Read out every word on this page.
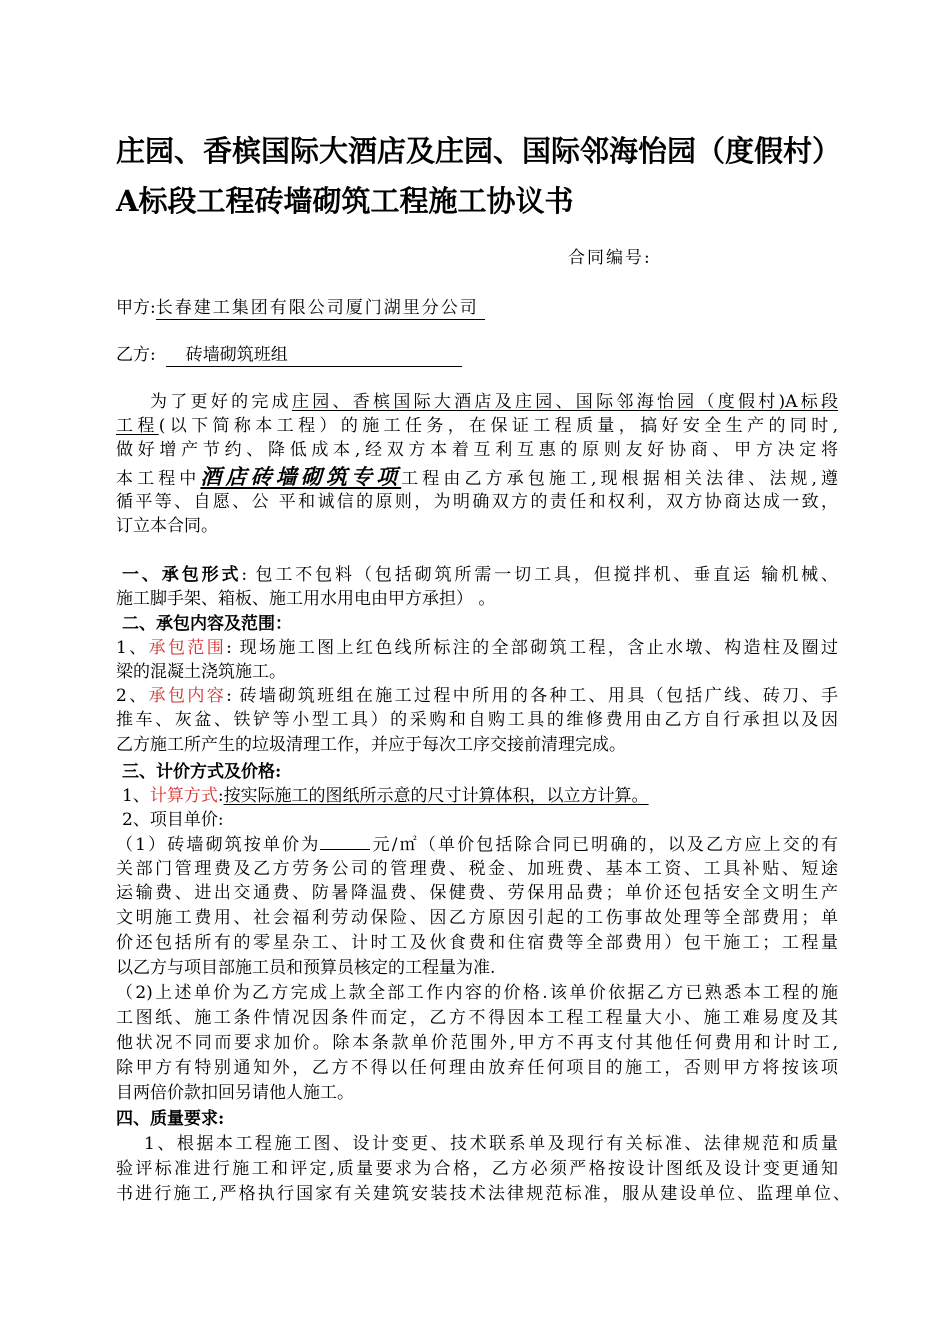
庄园、香槟国际大酒店及庄园、国际邻海怡园（度假村）
A标段工程砖墙砌筑工程施工协议书
合同编号:
甲方:长春建工集团有限公司厦门湖里分公司
乙方: 砖墙砌筑班组
为了更好的完成庄园、香槟国际大酒店及庄园、国际邻海怡园（度假村)A标段
工程(以下简称本工程）的施工任务，在保证工程质量，搞好安全生产的同时,
做好增产节约、降低成本,经双方本着互利互惠的原则友好协商、甲方决定将
本工程中酒店砖墙砌筑专项工程由乙方承包施工,现根据相关法律、法规,遵
循平等、自愿、公 平和诚信的原则，为明确双方的责任和权利，双方协商达成一致，
订立本合同。
一、承包形式: 包工不包料（包括砌筑所需一切工具，但搅拌机、垂直运 输机械、
施工脚手架、箱板、施工用水用电由甲方承担） 。
二、承包内容及范围：
1、承包范围: 现场施工图上红色线所标注的全部砌筑工程，含止水墩、构造柱及圈过
梁的混凝土浇筑施工。
2、承包内容: 砖墙砌筑班组在施工过程中所用的各种工、用具（包括广线、砖刀、手
推车、灰盆、铁铲等小型工具）的采购和自购工具的维修费用由乙方自行承担以及因
乙方施工所产生的垃圾清理工作，并应于每次工序交接前清理完成。
三、计价方式及价格:
1、计算方式:按实际施工的图纸所示意的尺寸计算体积，以立方计算。
2、项目单价:
（1）砖墙砌筑按单价为	元/㎡（单价包括除合同已明确的，以及乙方应上交的有
关部门管理费及乙方劳务公司的管理费、税金、加班费、基本工资、工具补贴、短途
运输费、进出交通费、防暑降温费、保健费、劳保用品费；单价还包括安全文明生产
文明施工费用、社会福利劳动保险、因乙方原因引起的工伤事故处理等全部费用；单
价还包括所有的零星杂工、计时工及伙食费和住宿费等全部费用）包干施工；工程量
以乙方与项目部施工员和预算员核定的工程量为准.
（2)上述单价为乙方完成上款全部工作内容的价格.该单价依据乙方已熟悉本工程的施
工图纸、施工条件情况因条件而定，乙方不得因本工程工程量大小、施工难易度及其
他状况不同而要求加价。除本条款单价范围外,甲方不再支付其他任何费用和计时工,
除甲方有特别通知外，乙方不得以任何理由放弃任何项目的施工，否则甲方将按该项
目两倍价款扣回另请他人施工。
四、质量要求:
1、根据本工程施工图、设计变更、技术联系单及现行有关标准、法律规范和质量
验评标准进行施工和评定,质量要求为合格，乙方必须严格按设计图纸及设计变更通知
书进行施工,严格执行国家有关建筑安装技术法律规范标准，服从建设单位、监理单位、
